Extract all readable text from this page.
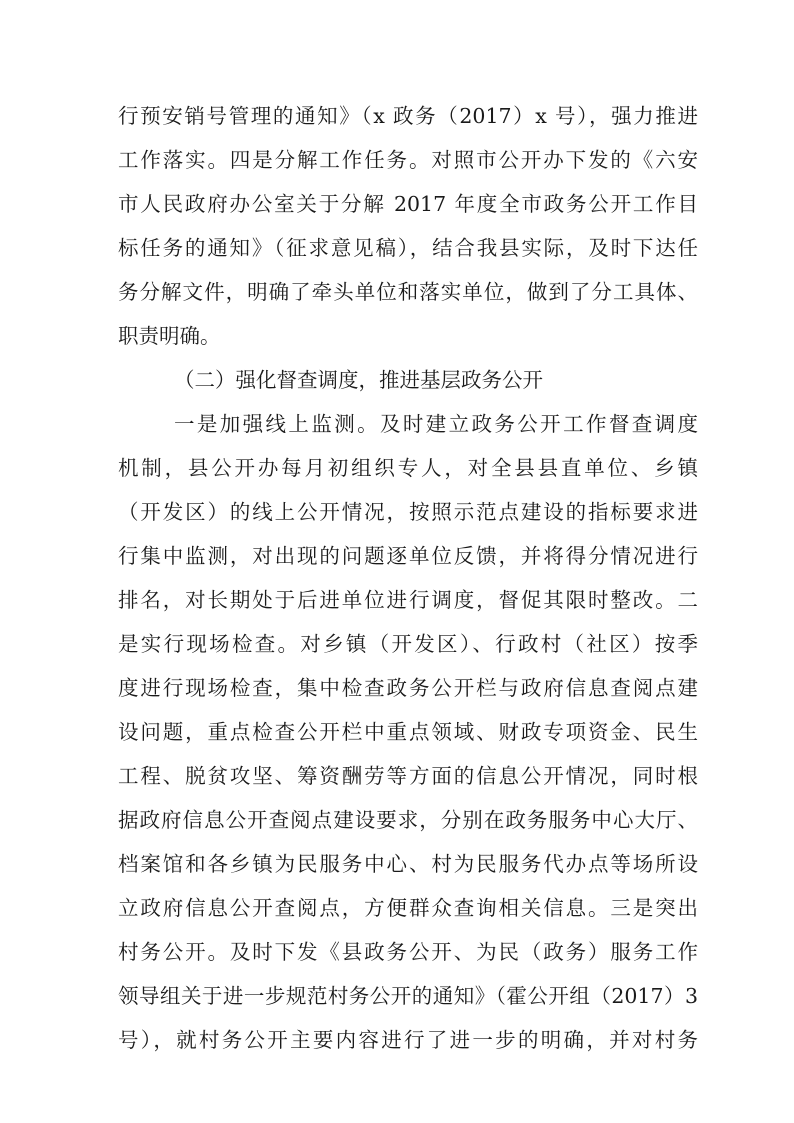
行预安销号管理的通知》（x 政务（2017）x 号），强力推进
工作落实。四是分解工作任务。对照市公开办下发的《六安
市人民政府办公室关于分解 2017 年度全市政务公开工作目
标任务的通知》（征求意见稿），结合我县实际，及时下达任
务分解文件，明确了牵头单位和落实单位，做到了分工具体、
职责明确。
（二）强化督查调度，推进基层政务公开
一是加强线上监测。及时建立政务公开工作督查调度
机制，县公开办每月初组织专人，对全县县直单位、乡镇
（开发区）的线上公开情况，按照示范点建设的指标要求进
行集中监测，对出现的问题逐单位反馈，并将得分情况进行
排名，对长期处于后进单位进行调度，督促其限时整改。二
是实行现场检查。对乡镇（开发区）、行政村（社区）按季
度进行现场检查，集中检查政务公开栏与政府信息查阅点建
设问题，重点检查公开栏中重点领域、财政专项资金、民生
工程、脱贫攻坚、筹资酬劳等方面的信息公开情况，同时根
据政府信息公开查阅点建设要求，分别在政务服务中心大厅、
档案馆和各乡镇为民服务中心、村为民服务代办点等场所设
立政府信息公开查阅点，方便群众查询相关信息。三是突出
村务公开。及时下发《县政务公开、为民（政务）服务工作
领导组关于进一步规范村务公开的通知》（霍公开组（2017）3
号），就村务公开主要内容进行了进一步的明确，并对村务
